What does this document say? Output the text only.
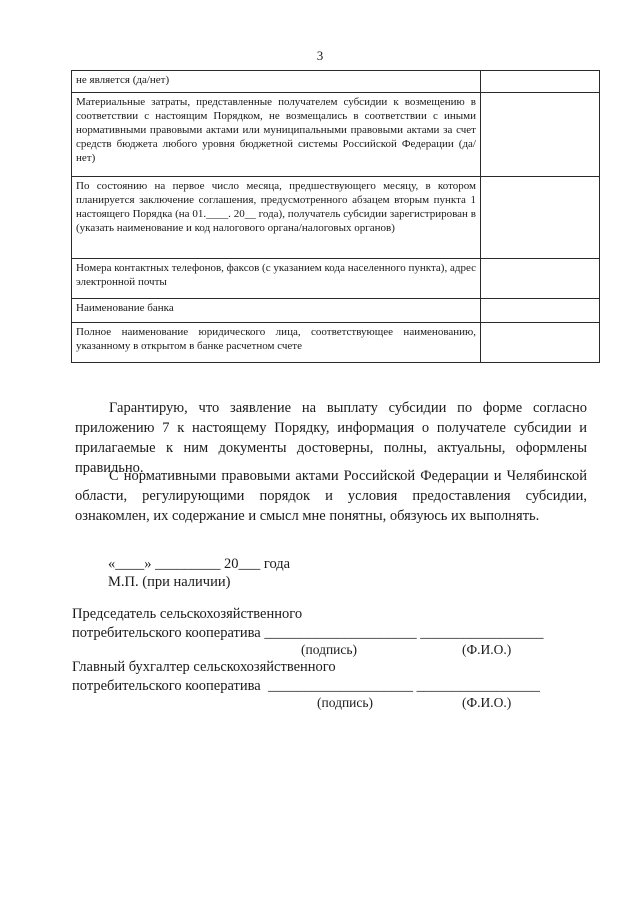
3
не является (да/нет)	
Материальные затраты, представленные получателем субсидии к возмещению в соответствии с настоящим Порядком, не возмещались в соответствии с иными нормативными правовыми актами или муниципальными правовыми актами за счет средств бюджета любого уровня бюджетной системы Российской Федерации (да/нет)	
По состоянию на первое число месяца, предшествующего месяцу, в котором планируется заключение соглашения, предусмотренного абзацем вторым пункта 1 настоящего Порядка (на 01.____. 20__ года), получатель субсидии зарегистрирован в (указать наименование и код налогового органа/налоговых органов)	
Номера контактных телефонов, факсов (с указанием кода населенного пункта), адрес электронной почты	
Наименование банка	
Полное наименование юридического лица, соответствующее наименованию, указанному в открытом в банке расчетном счете	

Гарантирую, что заявление на выплату субсидии по форме согласно приложению 7 к настоящему Порядку, информация о получателе субсидии и прилагаемые к ним документы достоверны, полны, актуальны, оформлены правильно.

С нормативными правовыми актами Российской Федерации и Челябинской области, регулирующими порядок и условия предоставления субсидии, ознакомлен, их содержание и смысл мне понятны, обязуюсь их выполнять.

«____» _________ 20___ года
М.П. (при наличии)
Председатель сельскохозяйственного
потребительского кооператива _____________________ _________________
(подпись)	(Ф.И.О.)
Главный бухгалтер сельскохозяйственного
потребительского кооператива  ____________________ _________________
(подпись)	(Ф.И.О.)
